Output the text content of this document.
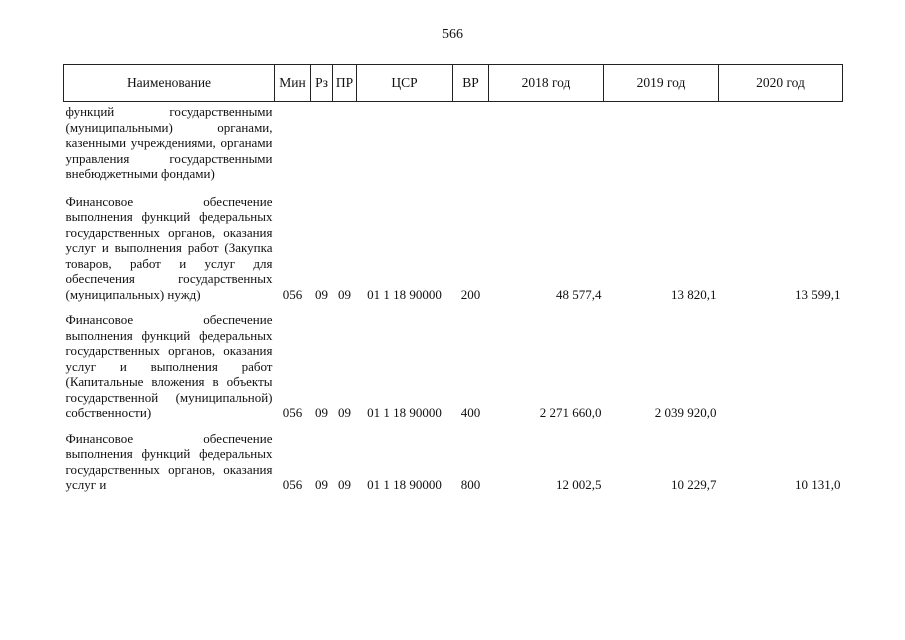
566
Наименование	Мин	Рз	ПР	ЦСР	ВР	2018 год	2019 год	2020 год
функций государственными (муниципальными) органами, казенными учреждениями, органами управления государственными внебюджетными фондами)								
Финансовое обеспечение выполнения функций федеральных государственных органов, оказания услуг и выполнения работ (Закупка товаров, работ и услуг для обеспечения государственных (муниципальных) нужд)	056	09	09	01 1 18 90000	200	48 577,4	13 820,1	13 599,1
Финансовое обеспечение выполнения функций федеральных государственных органов, оказания услуг и выполнения работ (Капитальные вложения в объекты государственной (муниципальной) собственности)	056	09	09	01 1 18 90000	400	2 271 660,0	2 039 920,0	
Финансовое обеспечение выполнения функций федеральных государственных органов, оказания услуг и	056	09	09	01 1 18 90000	800	12 002,5	10 229,7	10 131,0
